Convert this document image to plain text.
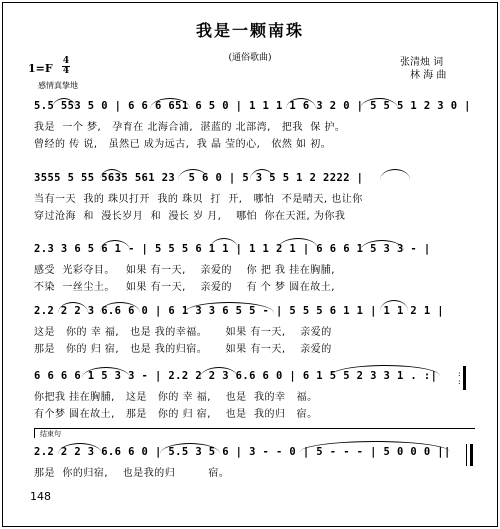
我是一颗南珠
(通俗歌曲)
1=F
4
4
感情真挚地
张清烛 词
林 海 曲
5.5 553 5 0 | 6 6 6 651 6 5 0 | 1 1 1 1 6 3 2 0 | 5 5 5 1 2 3 0 |
我是  一个 梦,   孕育在 北海合浦,  湛蓝的 北部湾,   把我  保 护。
曾经的 传 说,   虽然已 成为远古,  我 晶 莹的心,   依然 如 初。
3555 5 55 5635 561 23  5 6 0 | 5 3 5 5 1 2 2222 |
当有一天  我的 珠贝打开  我的 珠贝  打  开,   哪怕  不是晴天, 也让你
穿过沧海  和  漫长岁月  和  漫长 岁 月,    哪怕  你在天涯, 为你我
2.3 3 6 5 6 1 - | 5 5 5 6 1 1 | 1 1 2 1 | 6 6 6 1 5 3 3 - |
感受  光彩夺目。   如果 有一天,    亲爱的    你 把 我 挂在胸脯,
不染  一丝尘土。   如果 有一天,    亲爱的    有 个 梦 圆在故土,
2.2 2 2 3 6.6 6 0 | 6 1 3 3 6 5 5 - | 5 5 5 6 1 1 | 1 1 2 1 |
这是   你的 幸 福,   也是 我的幸福。     如果 有一天,    亲爱的
那是   你的 归 宿,   也是 我的归宿。     如果 有一天,    亲爱的
6 6 6 6 1 5 3 3 - | 2.2 2 2 3 6.6 6 0 | 6 1 5 5 2 3 3 1 . :|
你把我 挂在胸脯,   这是   你的 幸 福,    也是  我的幸   福。
有个梦 圆在故土,   那是   你的 归 宿,    也是  我的归   宿。
:
:
结束句
2.2 2 2 3 6.6 6 0 | 5.5 3 5 6 | 3 - - 0 | 5 - - - | 5 0 0 0 ||
那是  你的归宿,    也是我的归         宿。
148
